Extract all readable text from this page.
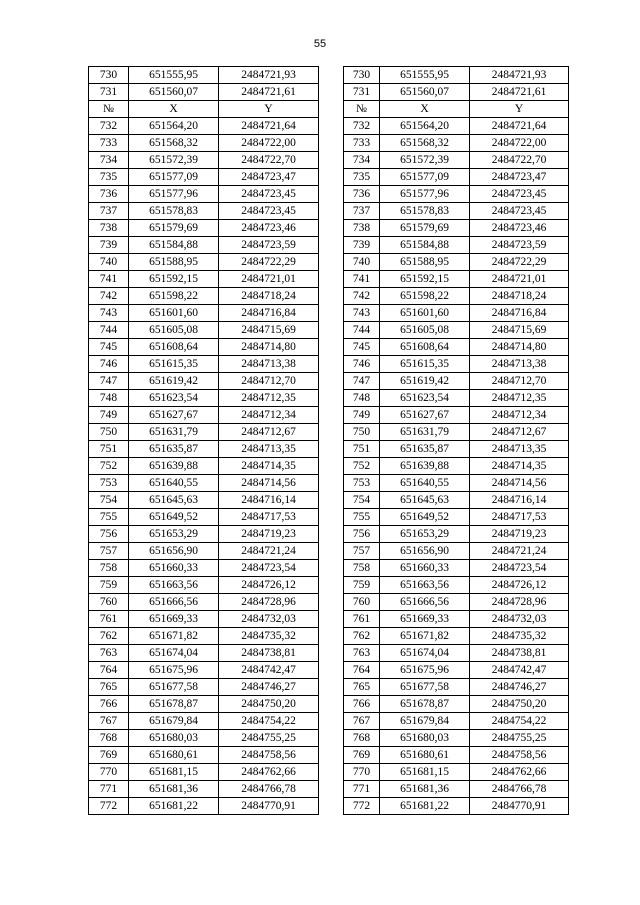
55
730	651555,95	2484721,93		730	651555,95	2484721,93
731	651560,07	2484721,61		731	651560,07	2484721,61
№	X	Y		№	X	Y
732	651564,20	2484721,64		732	651564,20	2484721,64
733	651568,32	2484722,00		733	651568,32	2484722,00
734	651572,39	2484722,70		734	651572,39	2484722,70
735	651577,09	2484723,47		735	651577,09	2484723,47
736	651577,96	2484723,45		736	651577,96	2484723,45
737	651578,83	2484723,45		737	651578,83	2484723,45
738	651579,69	2484723,46		738	651579,69	2484723,46
739	651584,88	2484723,59		739	651584,88	2484723,59
740	651588,95	2484722,29		740	651588,95	2484722,29
741	651592,15	2484721,01		741	651592,15	2484721,01
742	651598,22	2484718,24		742	651598,22	2484718,24
743	651601,60	2484716,84		743	651601,60	2484716,84
744	651605,08	2484715,69		744	651605,08	2484715,69
745	651608,64	2484714,80		745	651608,64	2484714,80
746	651615,35	2484713,38		746	651615,35	2484713,38
747	651619,42	2484712,70		747	651619,42	2484712,70
748	651623,54	2484712,35		748	651623,54	2484712,35
749	651627,67	2484712,34		749	651627,67	2484712,34
750	651631,79	2484712,67		750	651631,79	2484712,67
751	651635,87	2484713,35		751	651635,87	2484713,35
752	651639,88	2484714,35		752	651639,88	2484714,35
753	651640,55	2484714,56		753	651640,55	2484714,56
754	651645,63	2484716,14		754	651645,63	2484716,14
755	651649,52	2484717,53		755	651649,52	2484717,53
756	651653,29	2484719,23		756	651653,29	2484719,23
757	651656,90	2484721,24		757	651656,90	2484721,24
758	651660,33	2484723,54		758	651660,33	2484723,54
759	651663,56	2484726,12		759	651663,56	2484726,12
760	651666,56	2484728,96		760	651666,56	2484728,96
761	651669,33	2484732,03		761	651669,33	2484732,03
762	651671,82	2484735,32		762	651671,82	2484735,32
763	651674,04	2484738,81		763	651674,04	2484738,81
764	651675,96	2484742,47		764	651675,96	2484742,47
765	651677,58	2484746,27		765	651677,58	2484746,27
766	651678,87	2484750,20		766	651678,87	2484750,20
767	651679,84	2484754,22		767	651679,84	2484754,22
768	651680,03	2484755,25		768	651680,03	2484755,25
769	651680,61	2484758,56		769	651680,61	2484758,56
770	651681,15	2484762,66		770	651681,15	2484762,66
771	651681,36	2484766,78		771	651681,36	2484766,78
772	651681,22	2484770,91		772	651681,22	2484770,91
